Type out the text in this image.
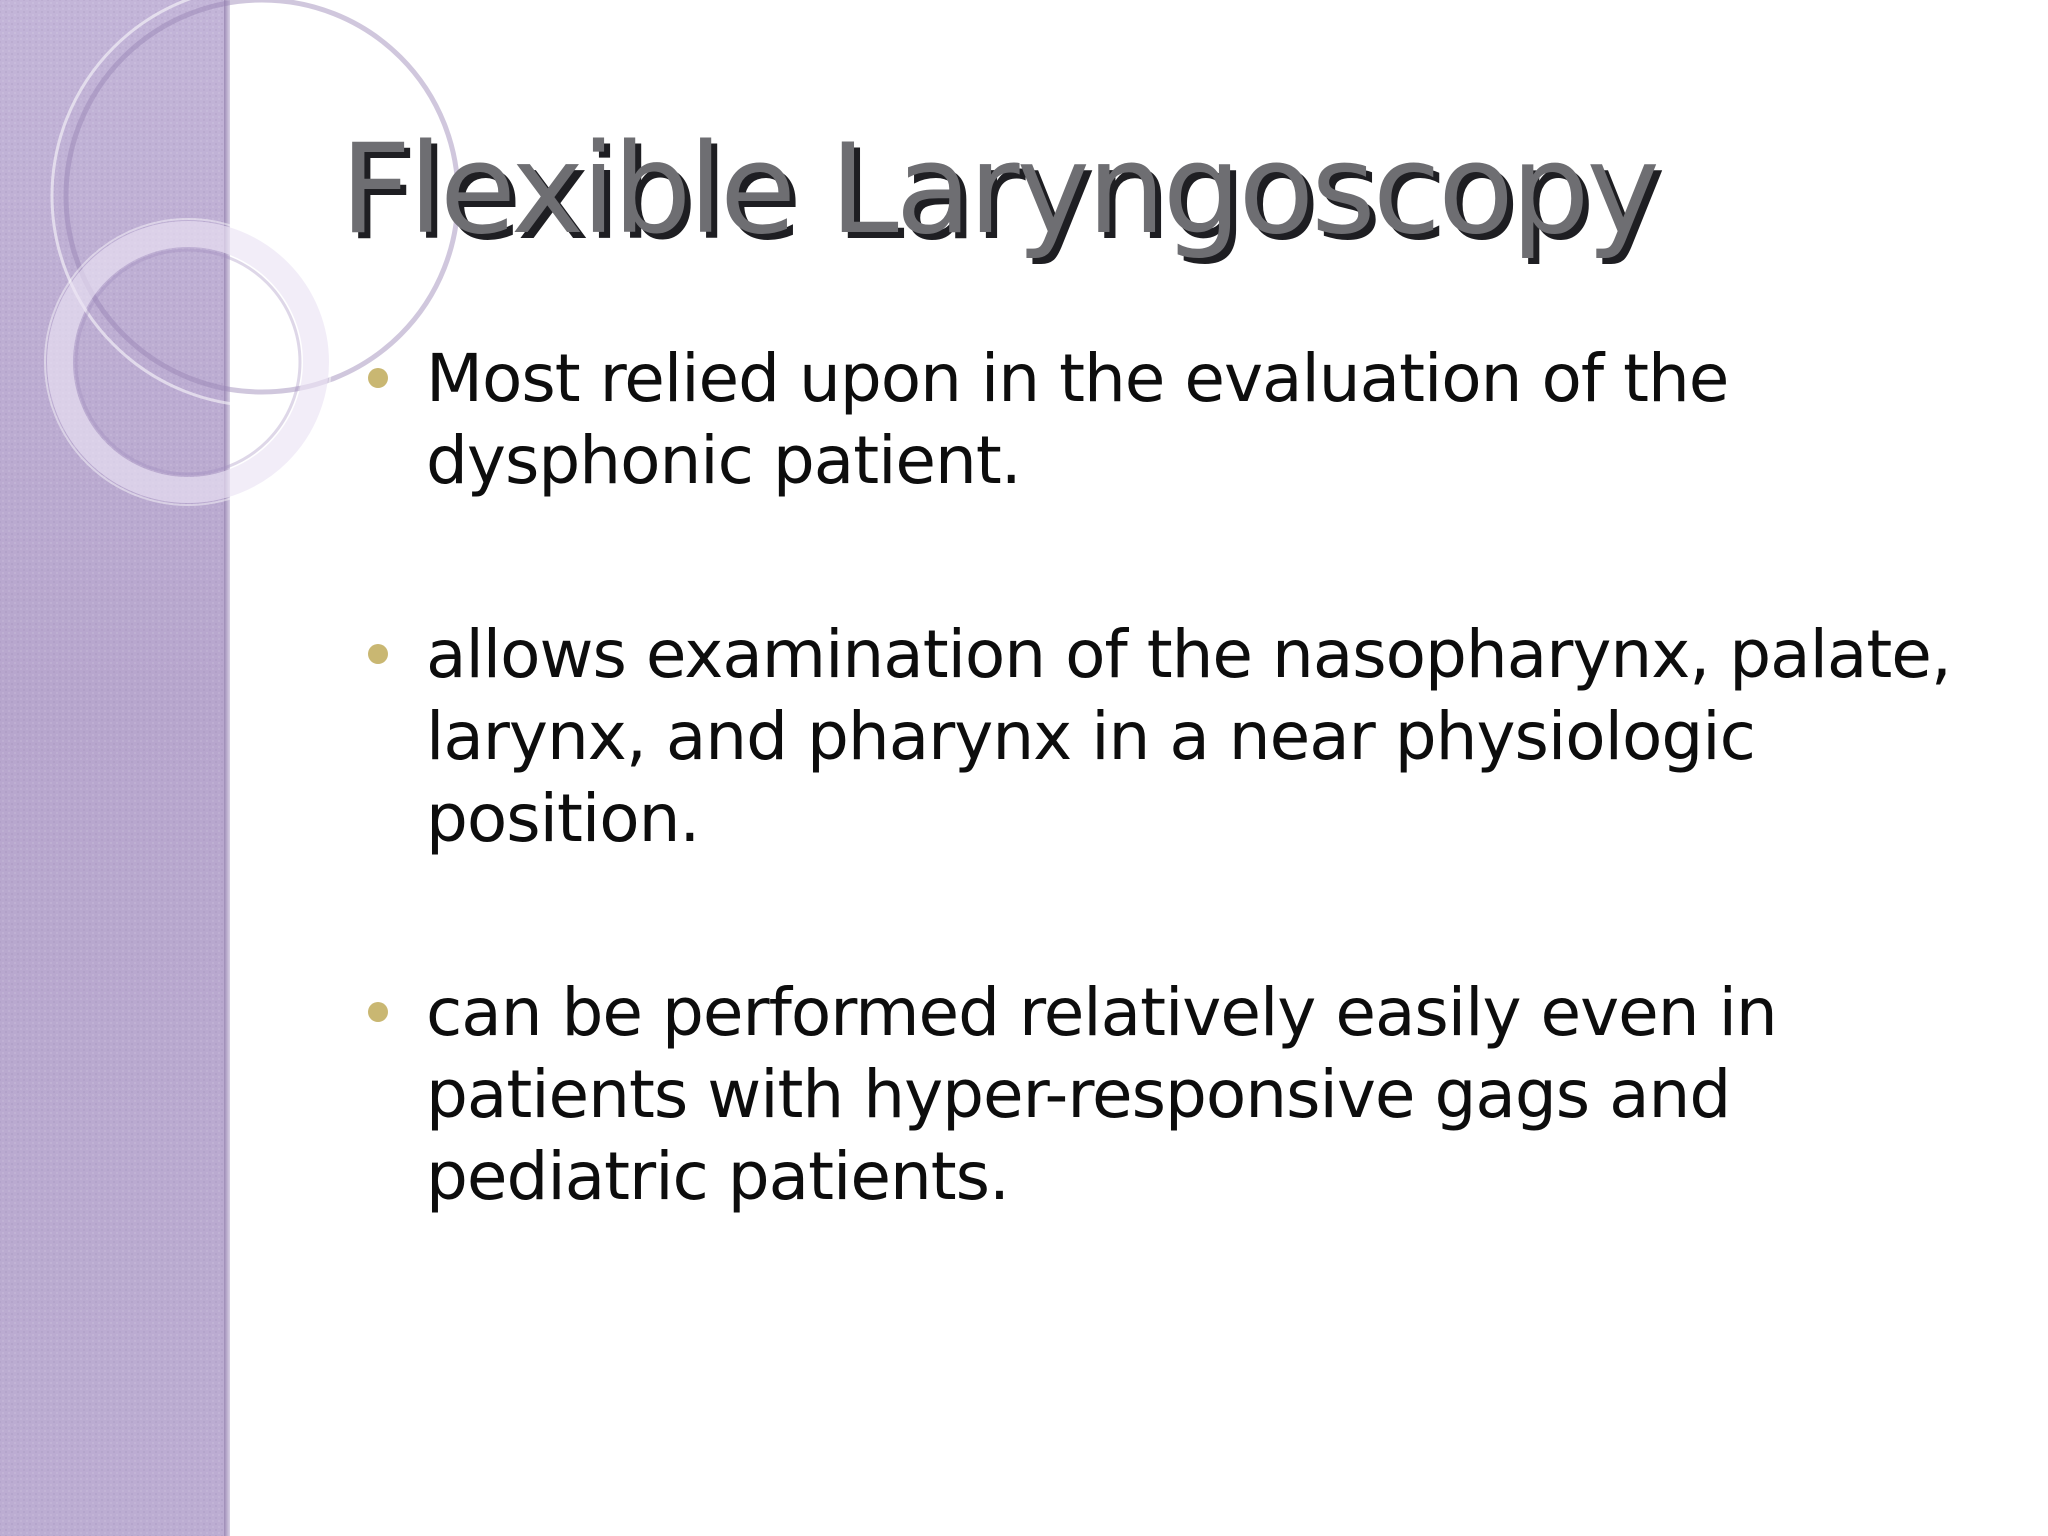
Flexible Laryngoscopy
Most relied upon in the evaluation of the dysphonic patient.
allows examination of the nasopharynx, palate, larynx, and pharynx in a near physiologic position.
can be performed relatively easily even in patients with hyper-responsive gags and pediatric patients.
